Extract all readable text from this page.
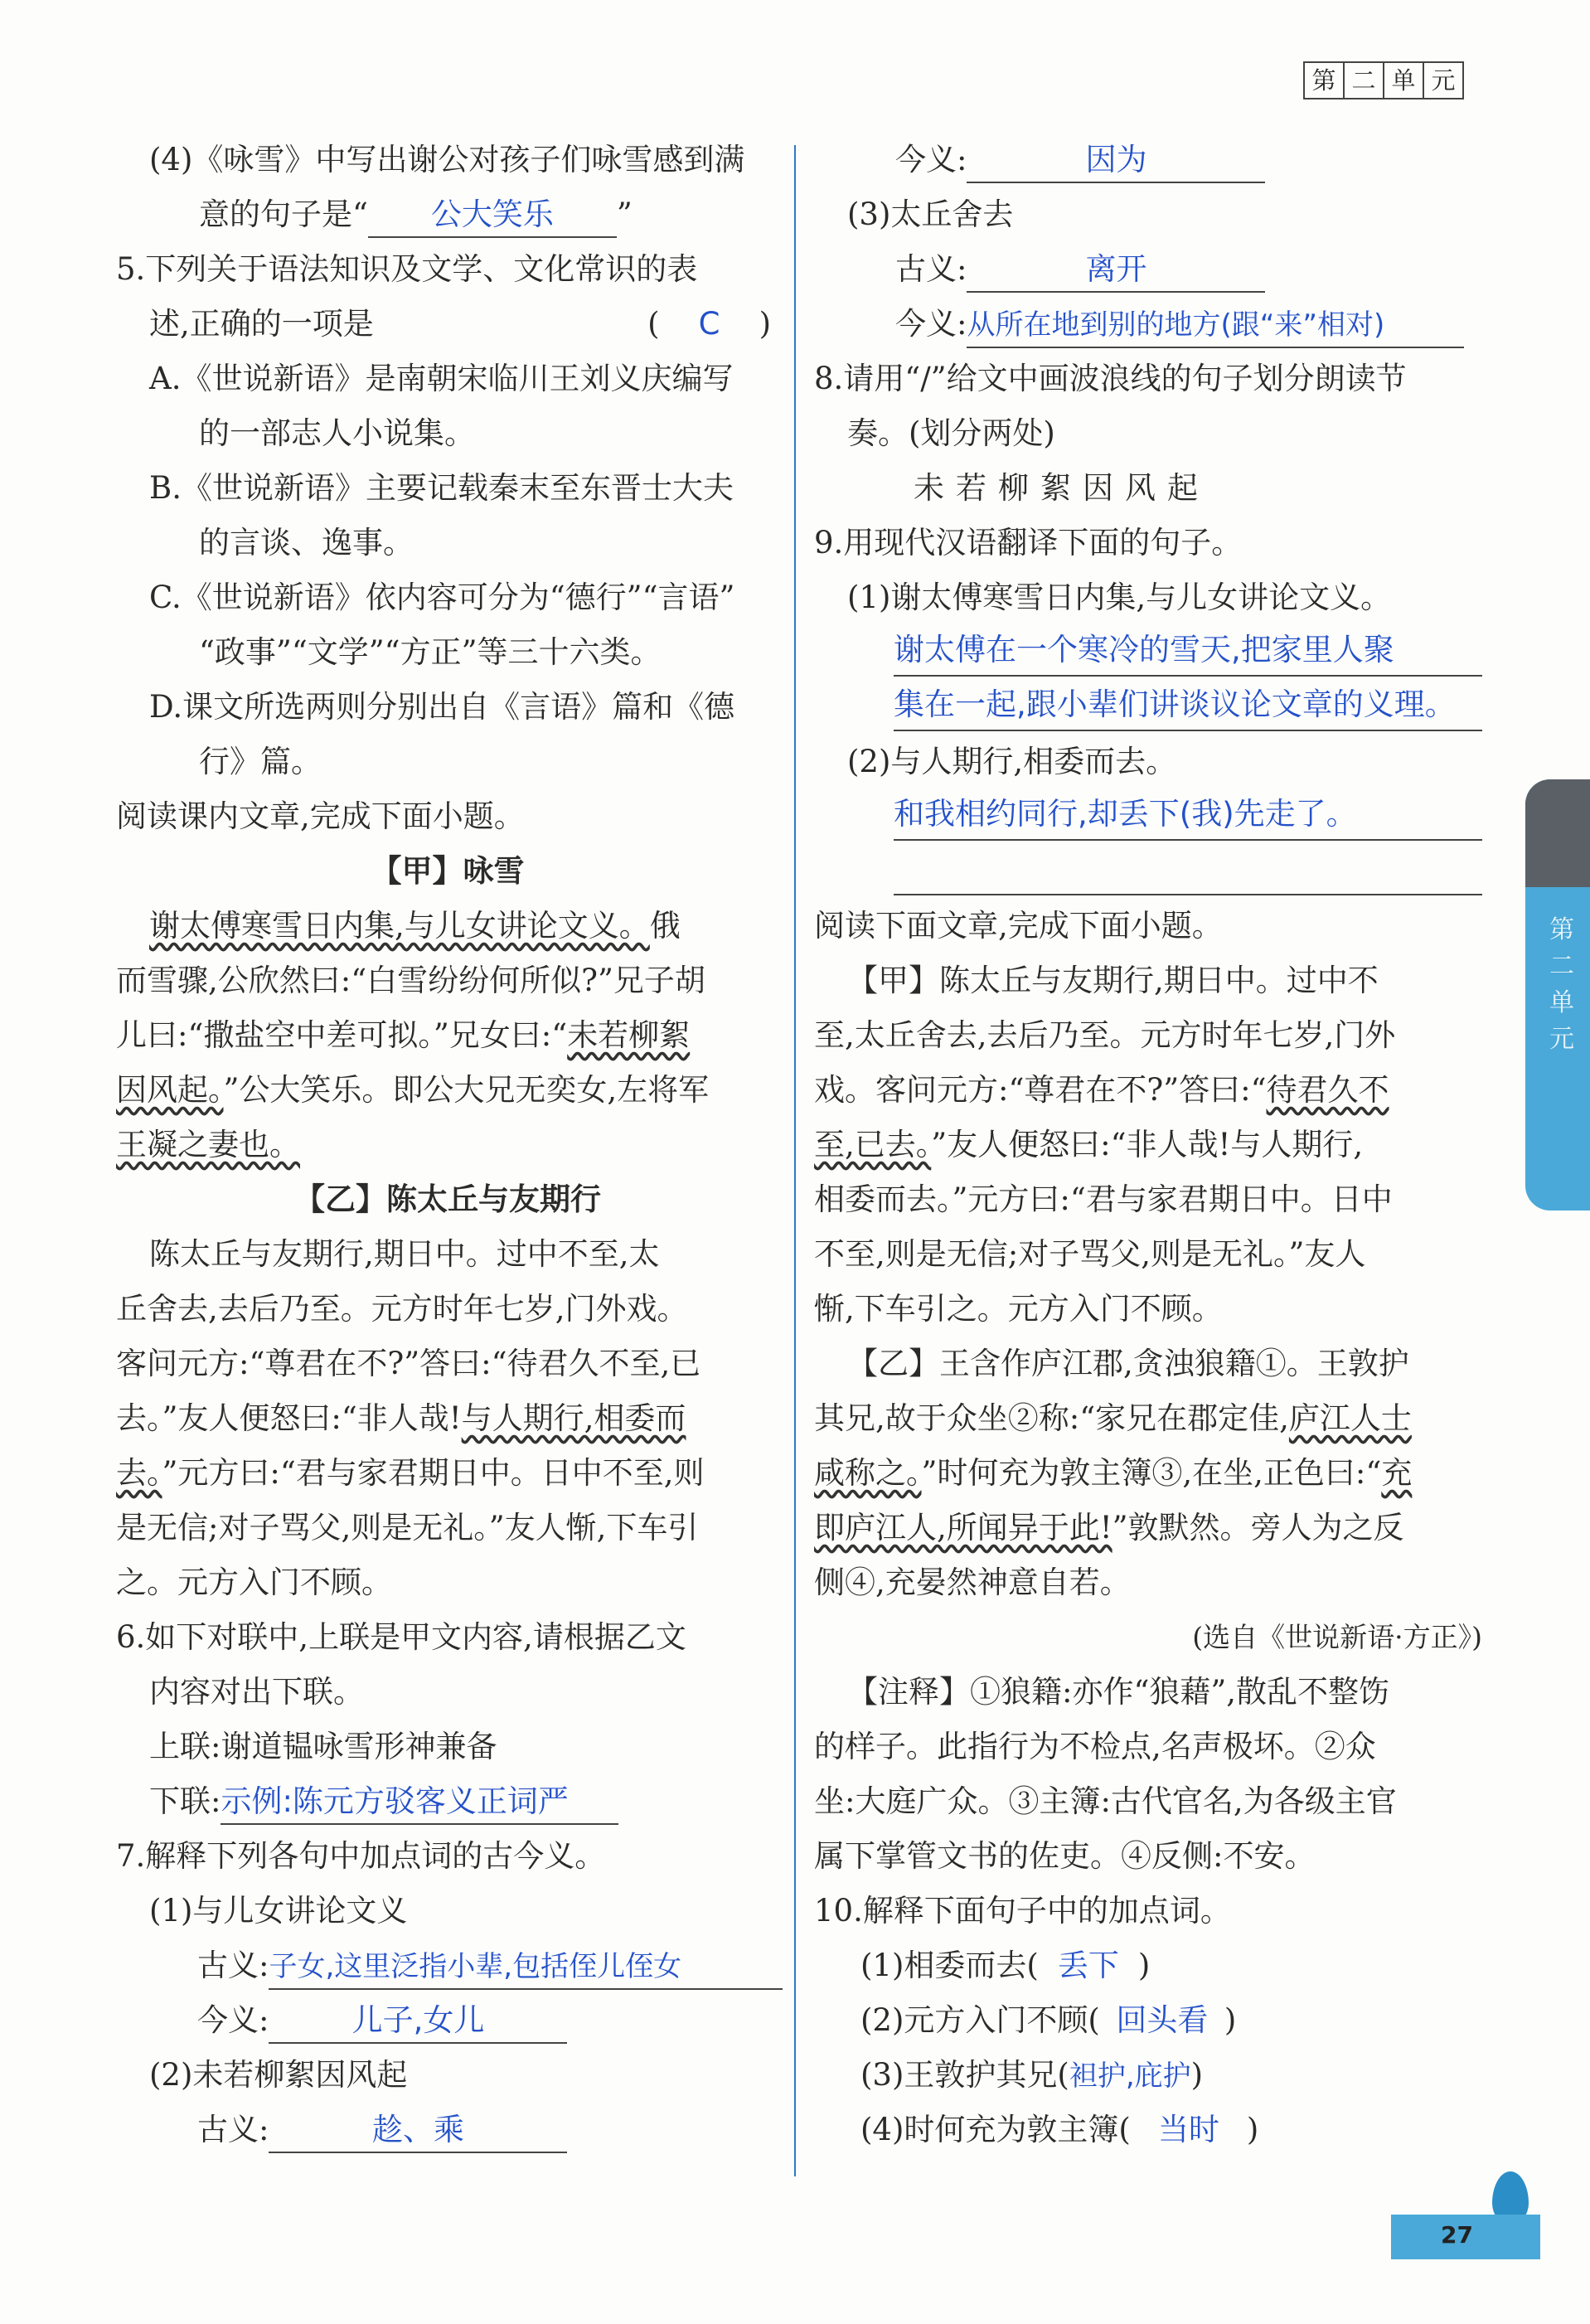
第 二 单 元
(4)《咏雪》中写出谢公对孩子们咏雪感到满
意的句子是“ 公大笑乐 ”
5.下列关于语法知识及文学、文化常识的表
述,正确的一项是	( C )
A.《世说新语》是南朝宋临川王刘义庆编写
的一部志人小说集。
B.《世说新语》主要记载秦末至东晋士大夫
的言谈、逸事。
C.《世说新语》依内容可分为“德行”“言语”
“政事”“文学”“方正”等三十六类。
D.课文所选两则分别出自《言语》篇和《德
行》篇。
阅读课内文章,完成下面小题。
【甲】咏雪
谢太傅寒雪日内集,与儿女讲论文义。俄
而雪骤,公欣然曰:“白雪纷纷何所似?”兄子胡
儿曰:“撒盐空中差可拟。”兄女曰:“未若柳絮
因风起。”公大笑乐。即公大兄无奕女,左将军
王凝之妻也。
【乙】陈太丘与友期行
陈太丘与友期行,期日中。过中不至,太
丘舍去,去后乃至。元方时年七岁,门外戏。
客问元方:“尊君在不?”答曰:“待君久不至,已
去。”友人便怒曰:“非人哉!与人期行,相委而
去。”元方曰:“君与家君期日中。日中不至,则
是无信;对子骂父,则是无礼。”友人惭,下车引
之。元方入门不顾。
6.如下对联中,上联是甲文内容,请根据乙文
内容对出下联。
上联:谢道韫咏雪形神兼备
下联:示例:陈元方驳客义正词严
7.解释下列各句中加点词的古今义。
(1)与儿女讲论文义
古义:子女,这里泛指小辈,包括侄儿侄女
今义:	儿子,女儿
(2)未若柳絮因风起
古义:	趁、乘
今义:	因为
(3)太丘舍去
古义:	离开
今义:从所在地到别的地方(跟“来”相对)
8.请用“/”给文中画波浪线的句子划分朗读节
奏。(划分两处)
未若柳絮因风起
9.用现代汉语翻译下面的句子。
(1)谢太傅寒雪日内集,与儿女讲论文义。
谢太傅在一个寒冷的雪天,把家里人聚
集在一起,跟小辈们讲谈议论文章的义理。
(2)与人期行,相委而去。
和我相约同行,却丢下(我)先走了。
阅读下面文章,完成下面小题。
【甲】陈太丘与友期行,期日中。过中不
至,太丘舍去,去后乃至。元方时年七岁,门外
戏。客问元方:“尊君在不?”答曰:“待君久不
至,已去。”友人便怒曰:“非人哉!与人期行,
相委而去。”元方曰:“君与家君期日中。日中
不至,则是无信;对子骂父,则是无礼。”友人
惭,下车引之。元方入门不顾。
【乙】王含作庐江郡,贪浊狼籍①。王敦护
其兄,故于众坐②称:“家兄在郡定佳,庐江人士
咸称之。”时何充为敦主簿③,在坐,正色曰:“充
即庐江人,所闻异于此!”敦默然。旁人为之反
侧④,充晏然神意自若。
(选自《世说新语·方正》)
【注释】①狼籍:亦作“狼藉”,散乱不整饬
的样子。此指行为不检点,名声极坏。②众
坐:大庭广众。③主簿:古代官名,为各级主官
属下掌管文书的佐吏。④反侧:不安。
10.解释下面句子中的加点词。
(1)相委而去( 丢下 )
(2)元方入门不顾( 回头看 )
(3)王敦护其兄(袒护,庇护)
(4)时何充为敦主簿( 当时 )
第二单元
27
